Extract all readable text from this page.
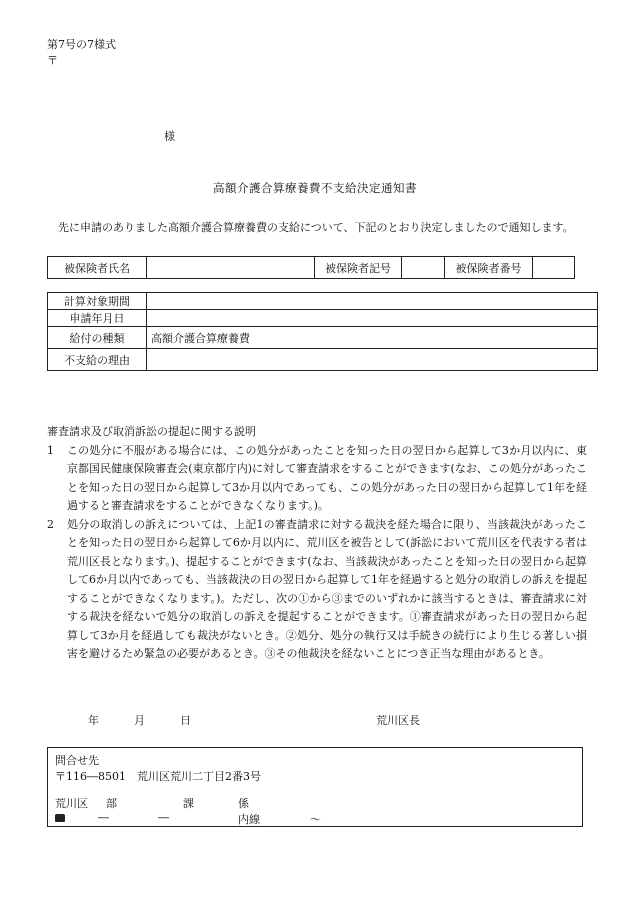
第7号の7様式
〒
様
高額介護合算療養費不支給決定通知書
先に申請のありました高額介護合算療養費の支給について、下記のとおり決定しましたので通知します。
被保険者氏名		被保険者記号		被保険者番号	
計算対象期間	
申請年月日	
給付の種類	高額介護合算療養費
不支給の理由	
審査請求及び取消訴訟の提起に関する説明
1 この処分に不服がある場合には、この処分があったことを知った日の翌日から起算して3か月以内に、東京都国民健康保険審査会(東京都庁内)に対して審査請求をすることができます(なお、この処分があったことを知った日の翌日から起算して3か月以内であっても、この処分があった日の翌日から起算して1年を経過すると審査請求をすることができなくなります。)。
2 処分の取消しの訴えについては、上記1の審査請求に対する裁決を経た場合に限り、当該裁決があったことを知った日の翌日から起算して6か月以内に、荒川区を被告として(訴訟において荒川区を代表する者は荒川区長となります。)、提起することができます(なお、当該裁決があったことを知った日の翌日から起算して6か月以内であっても、当該裁決の日の翌日から起算して1年を経過すると処分の取消しの訴えを提起することができなくなります。)。ただし、次の①から③までのいずれかに該当するときは、審査請求に対する裁決を経ないで処分の取消しの訴えを提起することができます。①審査請求があった日の翌日から起算して3か月を経過しても裁決がないとき。②処分、処分の執行又は手続きの続行により生じる著しい損害を避けるため緊急の必要があるとき。③その他裁決を経ないことにつき正当な理由があるとき。
年	月	日	荒川区長
問合せ先
〒116―8501　荒川区荒川二丁目2番3号
荒川区 部	課	係
―	―	内線	～
